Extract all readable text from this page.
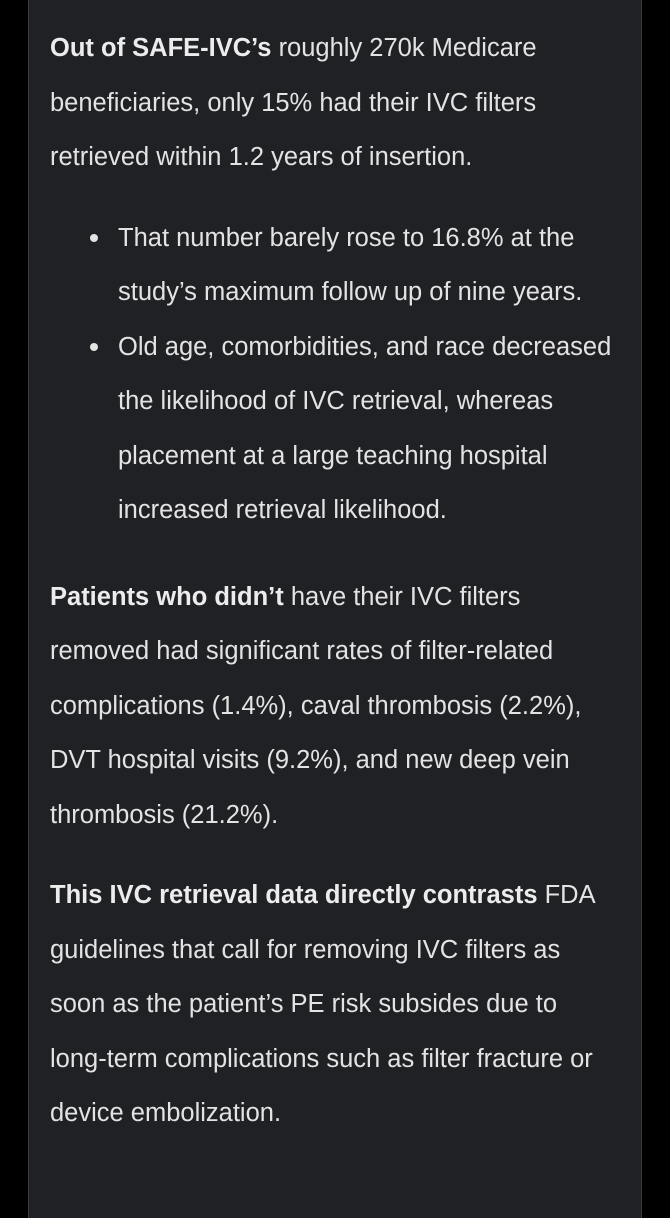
Out of SAFE-IVC’s roughly 270k Medicare beneficiaries, only 15% had their IVC filters retrieved within 1.2 years of insertion.

That number barely rose to 16.8% at the study’s maximum follow up of nine years.
Old age, comorbidities, and race decreased the likelihood of IVC retrieval, whereas placement at a large teaching hospital increased retrieval likelihood.

Patients who didn’t have their IVC filters removed had significant rates of filter-related complications (1.4%), caval thrombosis (2.2%), DVT hospital visits (9.2%), and new deep vein thrombosis (21.2%).

This IVC retrieval data directly contrasts FDA guidelines that call for removing IVC filters as soon as the patient’s PE risk subsides due to long-term complications such as filter fracture or device embolization.
